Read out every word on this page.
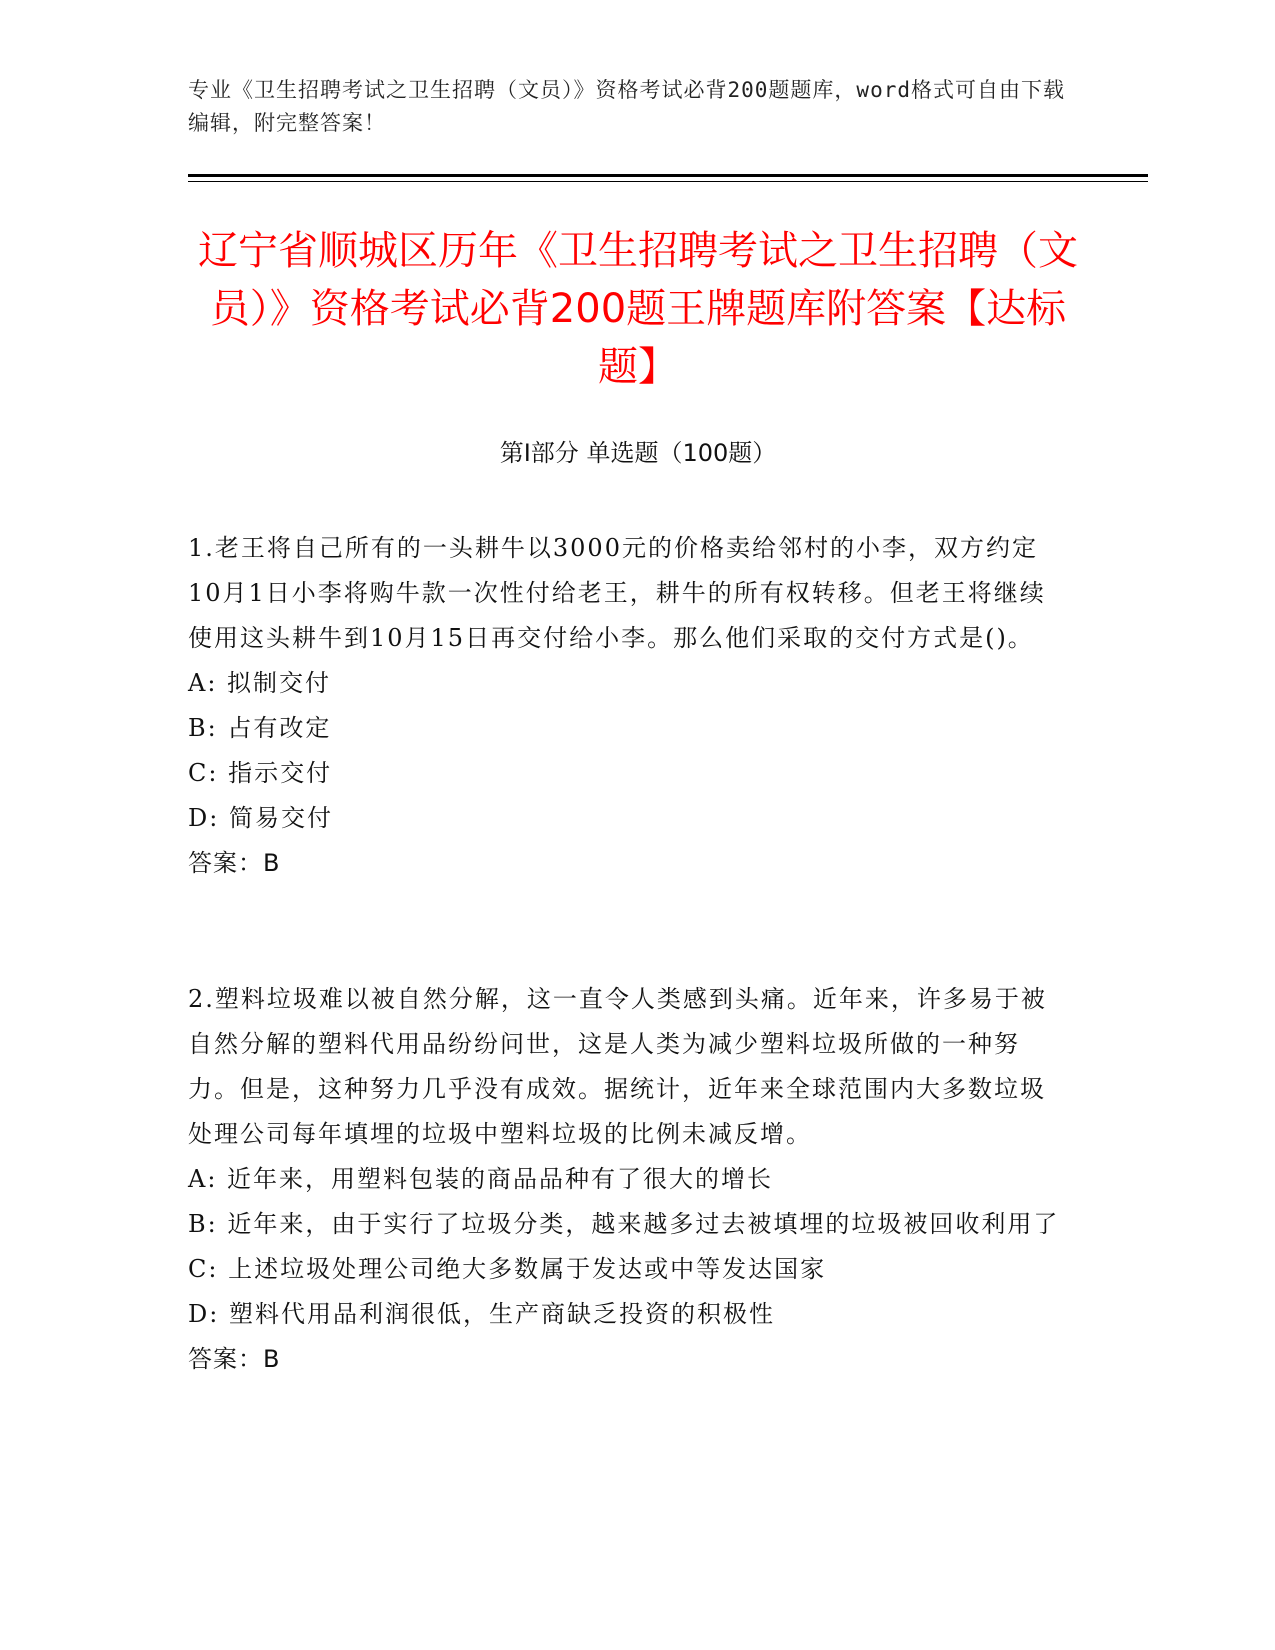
专业《卫生招聘考试之卫生招聘（文员）》资格考试必背200题题库，word格式可自由下载编辑，附完整答案！
辽宁省顺城区历年《卫生招聘考试之卫生招聘（文员）》资格考试必背200题王牌题库附答案【达标题】
第I部分 单选题（100题）

1.老王将自己所有的一头耕牛以3000元的价格卖给邻村的小李，双方约定10月1日小李将购牛款一次性付给老王，耕牛的所有权转移。但老王将继续使用这头耕牛到10月15日再交付给小李。那么他们采取的交付方式是()。

A: 拟制交付

B: 占有改定

C: 指示交付

D: 简易交付

答案：B

2.塑料垃圾难以被自然分解，这一直令人类感到头痛。近年来，许多易于被自然分解的塑料代用品纷纷问世，这是人类为减少塑料垃圾所做的一种努力。但是，这种努力几乎没有成效。据统计，近年来全球范围内大多数垃圾处理公司每年填埋的垃圾中塑料垃圾的比例未减反增。

A: 近年来，用塑料包装的商品品种有了很大的增长

B: 近年来，由于实行了垃圾分类，越来越多过去被填埋的垃圾被回收利用了

C: 上述垃圾处理公司绝大多数属于发达或中等发达国家

D: 塑料代用品利润很低，生产商缺乏投资的积极性

答案：B
